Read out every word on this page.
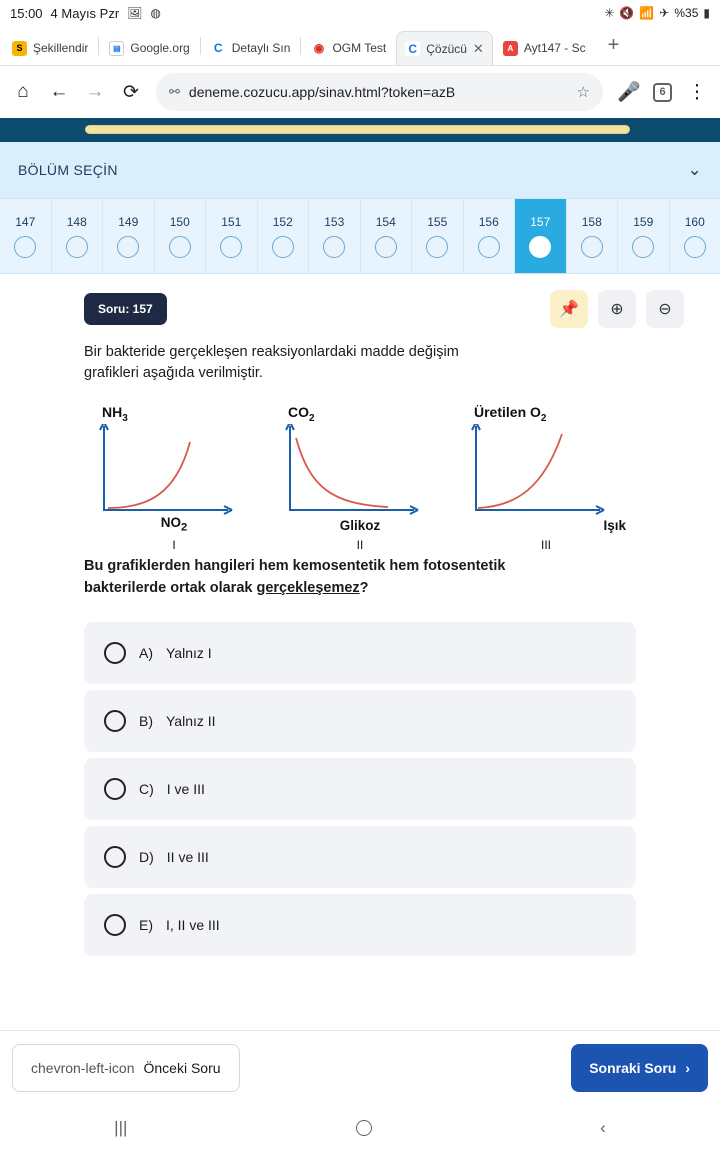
15:00 4 Mayıs Pzr 🖼 ◍	✳ 🔇 📶 ✈ %35 ▮
S Şekillendir	▤ Google.org C Detaylı Sın ◉ OGM Test C Çözücü ✕	A Ayt147 - Sc	+
⌂ ← → ⟳ ⚯ deneme.cozucu.app/sinav.html?token=azB	☆ 🎤	6	⋮
BÖLÜM SEÇİN	⌄
147	148	149	150	151	152	153	154	155	156	157	158	159	160
Soru: 157	📌	⊕	⊖
Bir bakteride gerçekleşen reaksiyonlardaki madde değişim
grafikleri aşağıda verilmiştir.
$NH_3$
$NO_2$
I
$CO_2$
Glikoz
II
Üretilen $O_2$
Işık
III
Bu grafiklerden hangileri hem kemosentetik hem fotosentetik
bakterilerde ortak olarak gerçekleşemez?
A) Yalnız I
B) Yalnız II
C) I ve III
D) II ve III
E) I, II ve III
chevron-left-icon Önceki Soru	Sonraki Soru ›
|||	‹
